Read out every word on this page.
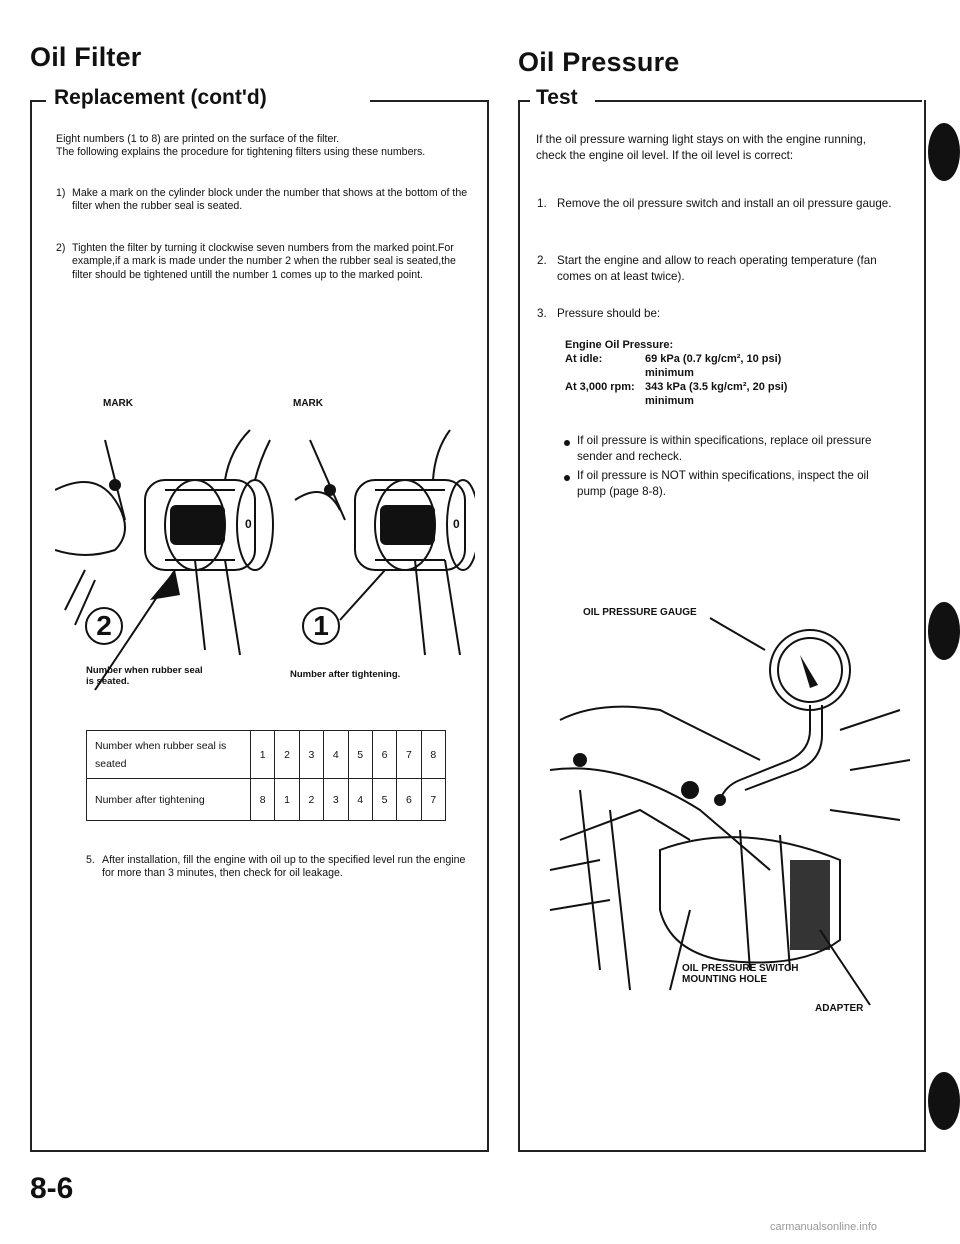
Oil Filter
Replacement (cont'd)
Eight numbers (1 to 8) are printed on the surface of the filter.
The following explains the procedure for tightening filters using these numbers.
1) Make a mark on the cylinder block under the number that shows at the bottom of the filter when the rubber seal is seated.
2) Tighten the filter by turning it clockwise seven numbers from the marked point.For example,if a mark is made under the number 2 when the rubber seal is seated,the filter should be tightened untill the number 1 comes up to the marked point.
MARK	MARK
0	0
2	1
Number when rubber seal is seated.
Number after tightening.
Number when rubber seal is seated	1	2	3	4	5	6	7	8
Number after tightening	8	1	2	3	4	5	6	7
5. After installation, fill the engine with oil up to the specified level run the engine for more than 3 minutes, then check for oil leakage.
8-6
Oil Pressure
Test
If the oil pressure warning light stays on with the engine running, check the engine oil level. If the oil level is correct:
1. Remove the oil pressure switch and install an oil pressure gauge.
2. Start the engine and allow to reach operating temperature (fan comes on at least twice).
3. Pressure should be:
Engine Oil Pressure:
At idle:	69 kPa (0.7 kg/cm², 10 psi)
minimum
At 3,000 rpm: 343 kPa (3.5 kg/cm², 20 psi)
minimum
If oil pressure is within specifications, replace oil pressure sender and recheck.
If oil pressure is NOT within specifications, inspect the oil pump (page 8-8).
OIL PRESSURE GAUGE
OIL PRESSURE SWITCH
MOUNTING HOLE
ADAPTER
carmanualsonline.info
